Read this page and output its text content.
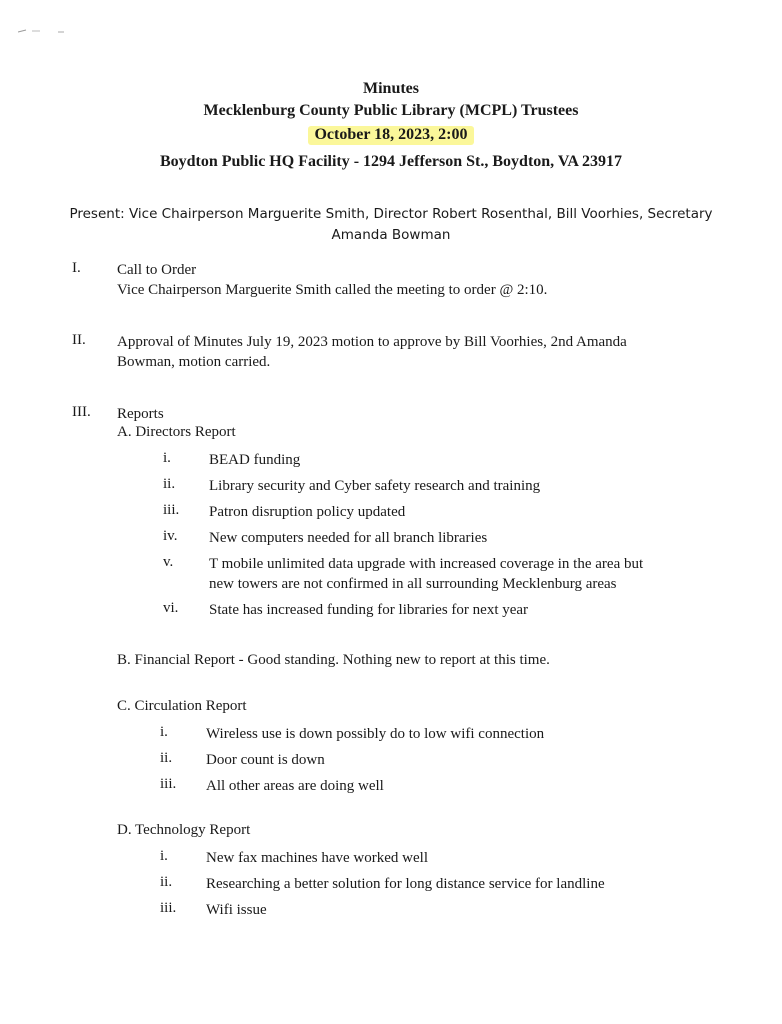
Minutes
Mecklenburg County Public Library (MCPL) Trustees
October 18, 2023, 2:00
Boydton Public HQ Facility - 1294 Jefferson St., Boydton, VA 23917
Present: Vice Chairperson Marguerite Smith, Director Robert Rosenthal, Bill Voorhies, Secretary
Amanda Bowman
I. Call to Order
Vice Chairperson Marguerite Smith called the meeting to order @ 2:10.
II. Approval of Minutes July 19, 2023 motion to approve by Bill Voorhies, 2nd Amanda
Bowman, motion carried.
III. Reports
A. Directors Report
i.	BEAD funding
ii. Library security and Cyber safety research and training
iii. Patron disruption policy updated
iv. New computers needed for all branch libraries
v. T mobile unlimited data upgrade with increased coverage in the area but
new towers are not confirmed in all surrounding Mecklenburg areas
vi. State has increased funding for libraries for next year
B. Financial Report - Good standing. Nothing new to report at this time.
C. Circulation Report
i.	Wireless use is down possibly do to low wifi connection
ii. Door count is down
iii. All other areas are doing well
D. Technology Report
i.	New fax machines have worked well
ii. Researching a better solution for long distance service for landline
iii. Wifi issue
